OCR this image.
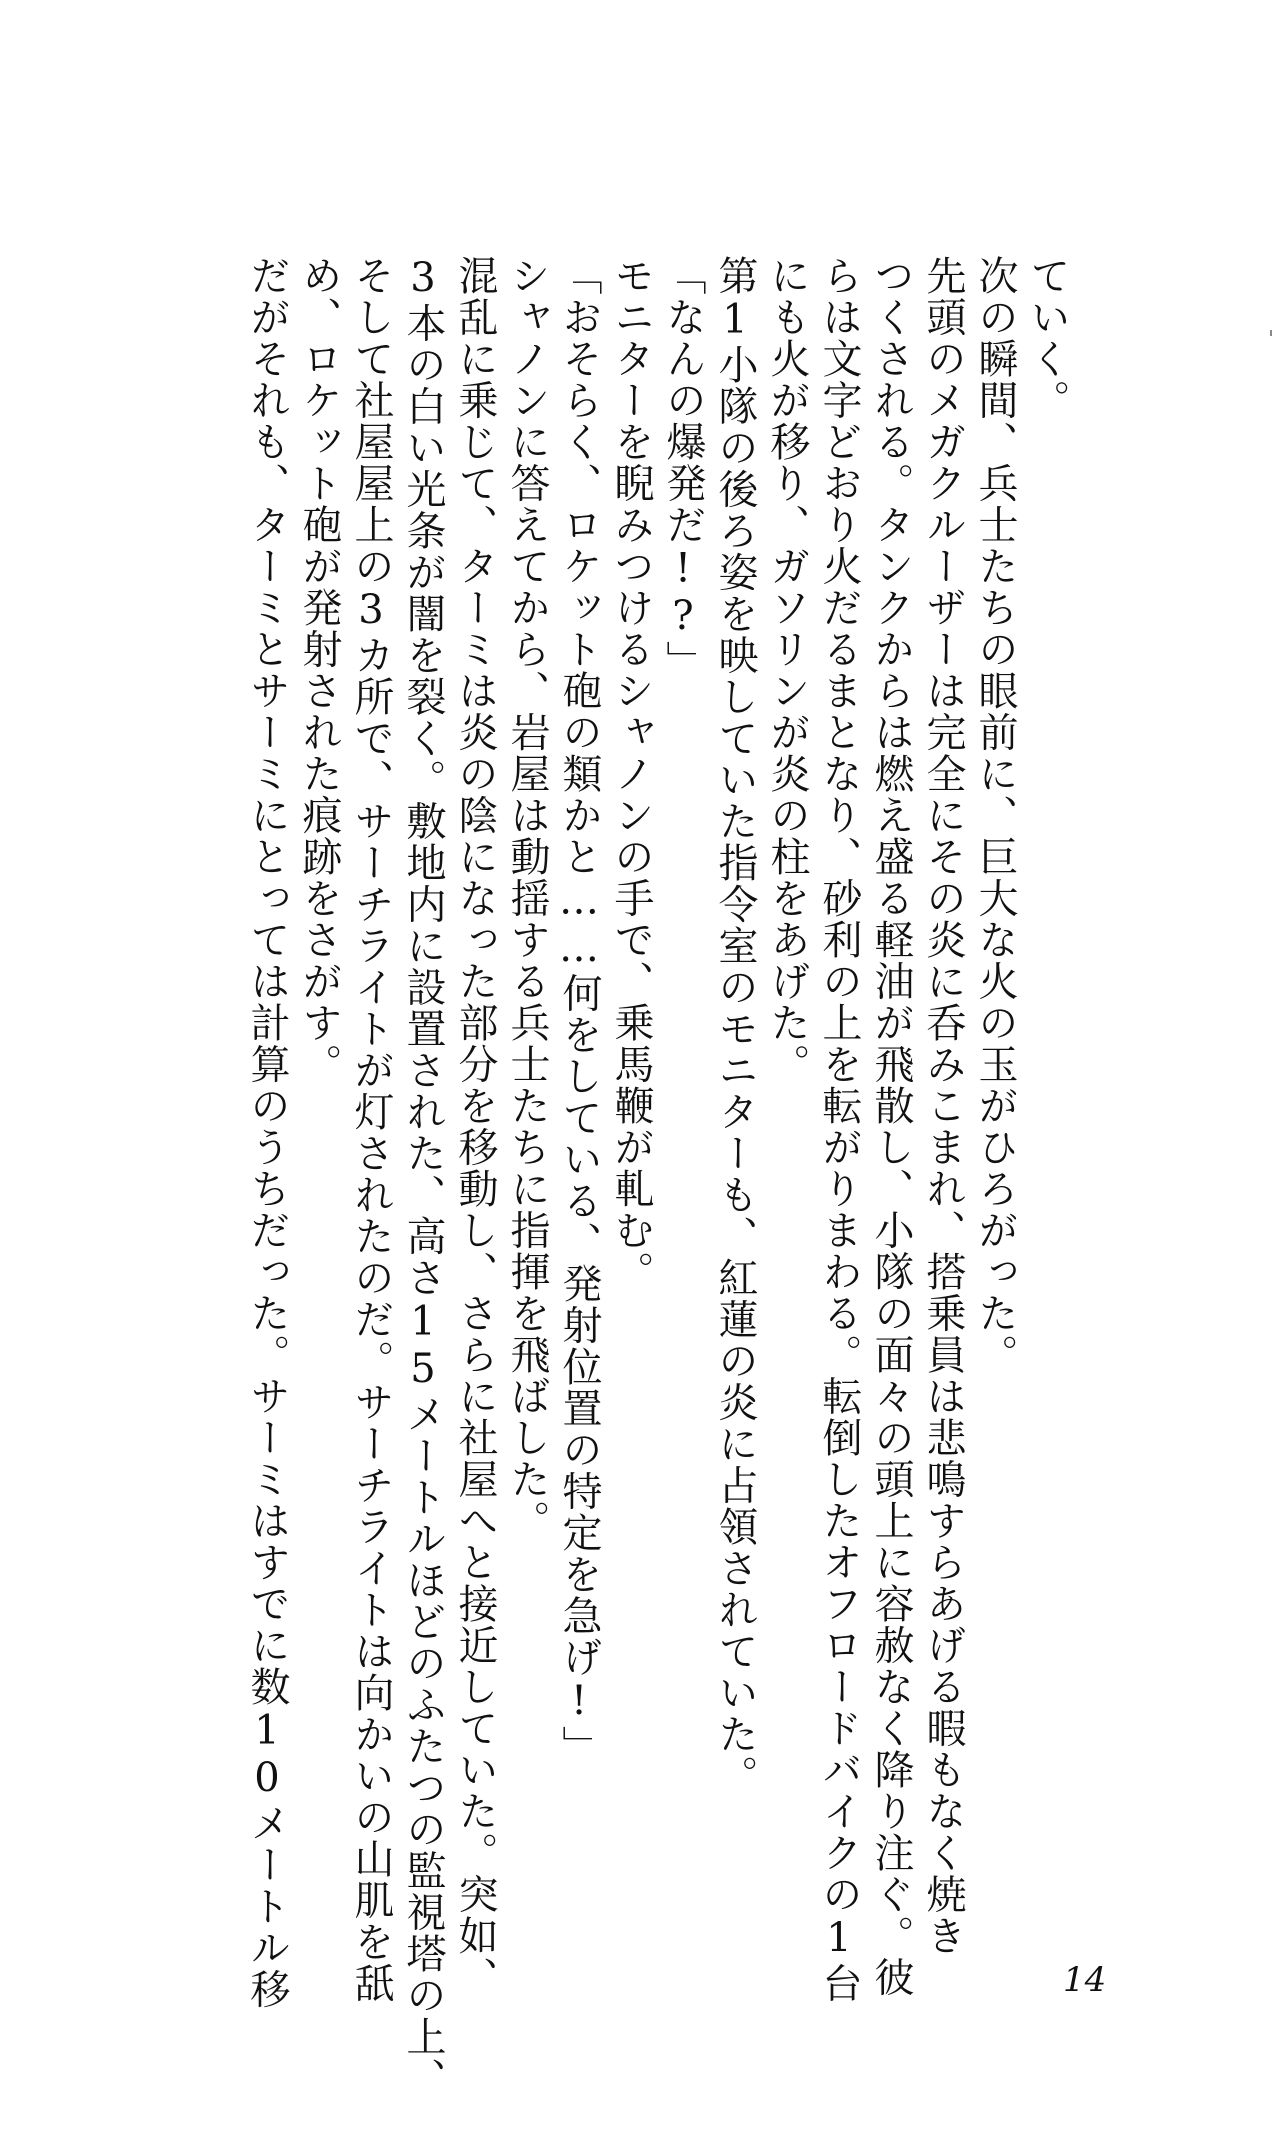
ていく。

次の瞬間、兵士たちの眼前に、巨大な火の玉がひろがった。

先頭のメガクルーザーは完全にその炎に呑みこまれ、搭乗員は悲鳴すらあげる暇もなく焼き

つくされる。タンクからは燃え盛る軽油が飛散し、小隊の面々の頭上に容赦なく降り注ぐ。彼

らは文字どおり火だるまとなり、砂利の上を転がりまわる。転倒したオフロードバイクの1台

にも火が移り、ガソリンが炎の柱をあげた。

第1小隊の後ろ姿を映していた指令室のモニターも、紅蓮の炎に占領されていた。

「なんの爆発だ!?」

モニターを睨みつけるシャノンの手で、乗馬鞭が軋む。

「おそらく、ロケット砲の類かと……何をしている、発射位置の特定を急げ!」

シャノンに答えてから、岩屋は動揺する兵士たちに指揮を飛ばした。

混乱に乗じて、ターミは炎の陰になった部分を移動し、さらに社屋へと接近していた。突如、

3本の白い光条が闇を裂く。敷地内に設置された、高さ15メートルほどのふたつの監視塔の上、

そして社屋屋上の3カ所で、サーチライトが灯されたのだ。サーチライトは向かいの山肌を舐

め、ロケット砲が発射された痕跡をさがす。

だがそれも、ターミとサーミにとっては計算のうちだった。サーミはすでに数10メートル移	14
